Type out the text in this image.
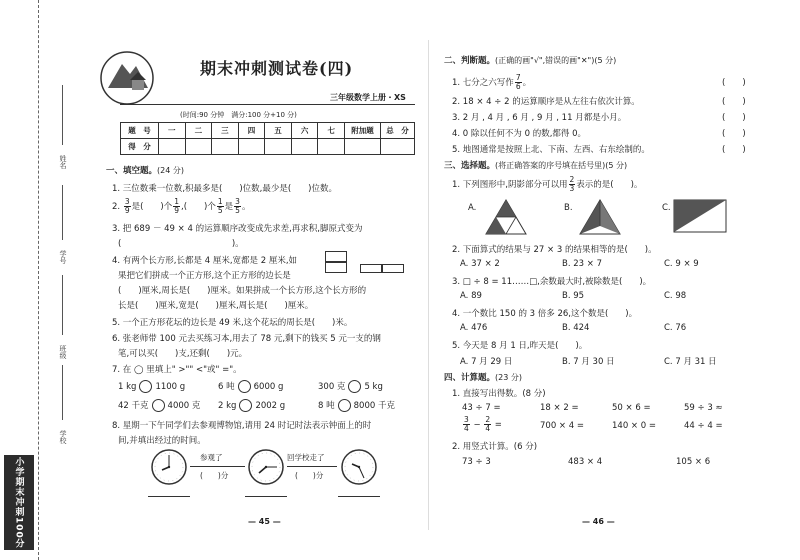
姓名
学号
班级
学校
小学期末冲刺100分
期末冲刺测试卷(四)
三年级数学上册・XS
(时间:90 分钟　满分:100 分+10 分)
题　号	一	二	三	四	五	六	七	附加题	总　分
得　分									
一、填空题。(24 分)
1. 三位数乘一位数,积最多是(　　)位数,最少是(　　)位数。
2. $\frac{3}{9}$ 是(　　)个 $\frac{1}{9}$ ,(　　)个 $\frac{1}{5}$ 是 $\frac{3}{5}$ 。
3. 把 689 － 49 × 4 的运算顺序改变成先求差,再求积,脚原式变为
(　　　　　　　　　　　　　)。
4. 有两个长方形,长都是 4 厘米,宽都是 2 厘米,如
果把它们拼成一个正方形,这个正方形的边长是
(　　)厘米,周长是(　　)厘米。如果拼成一个长方形,这个长方形的
长是(　　)厘米,宽是(　　)厘米,周长是(　　)厘米。
5. 一个正方形花坛的边长是 49 米,这个花坛的周长是(　　)米。
6. 张老师带 100 元去买练习本,用去了 78 元,剩下的钱买 5 元一支的钢
笔,可以买(　　)支,还剩(　　)元。
7. 在 ◯ 里填上" >"" <"或" ="。
1 kg 1100 g	6 吨 6000 g	300 克 5 kg
42 千克 4000 克 2 kg 2002 g	8 吨 8000 千克
8. 星期一下午同学们去参观博物馆,请用 24 时记时法表示钟面上的时
间,并填出经过的时间。
参观了
(　　)分
回学校走了
(　　)分
— 45 —
二、判断题。(正确的画"√",错误的画"✕")(5 分)
1. 七分之六写作 $\frac{7}{6}$ 。
2. 18 × 4 ÷ 2 的运算顺序是从左往右依次计算。
3. 2 月 , 4 月 , 6 月 , 9 月 , 11 月都是小月。
4. 0 除以任何不为 0 的数,都得 0。
5. 地图通常是按照上北、下南、左西、右东绘制的。
(　　)
(　　)
(　　)
(　　)
(　　)
三、选择题。(将正确答案的序号填在括号里)(5 分)
1. 下列图形中,阴影部分可以用 $\frac{2}{3}$ 表示的是(　　)。
A.	B.	C.
2. 下面算式的结果与 27 × 3 的结果相等的是(　　)。
A. 37 × 2	B. 23 × 7	C. 9 × 9
3. □ ÷ 8 = 11……□,余数最大时,被除数是(　　)。
A. 89	B. 95	C. 98
4. 一个数比 150 的 3 倍多 26,这个数是(　　)。
A. 476	B. 424	C. 76
5. 今天是 8 月 1 日,昨天是(　　)。
A. 7 月 29 日	B. 7 月 30 日	C. 7 月 31 日
四、计算题。(23 分)
1. 直接写出得数。(8 分)
43 ÷ 7 =	18 × 2 =	50 × 6 =	59 ÷ 3 ≈
$\frac{3}{4} - \frac{2}{4}$ =	700 × 4 =	140 × 0 =	44 ÷ 4 =
2. 用竖式计算。(6 分)
73 ÷ 3	483 × 4	105 × 6
— 46 —
